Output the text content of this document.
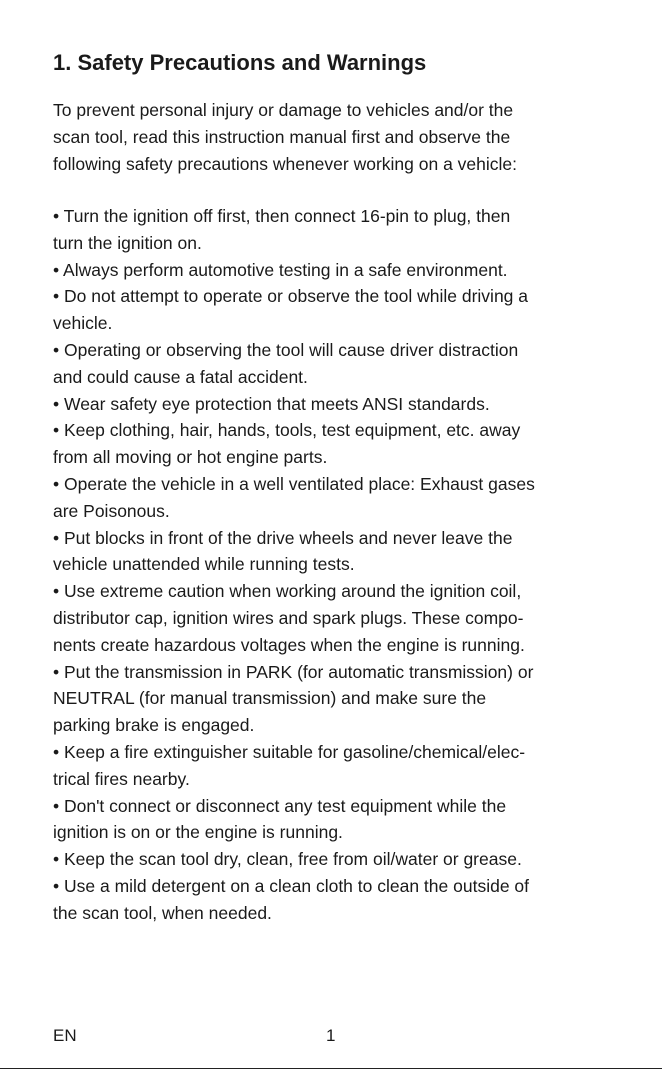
1. Safety Precautions and Warnings

To prevent personal injury or damage to vehicles and/or the
scan tool, read this instruction manual first and observe the
following safety precautions whenever working on a vehicle:

• Turn the ignition off first, then connect 16-pin to plug, then
turn the ignition on.
• Always perform automotive testing in a safe environment.
• Do not attempt to operate or observe the tool while driving a
vehicle.
• Operating or observing the tool will cause driver distraction
and could cause a fatal accident.
• Wear safety eye protection that meets ANSI standards.
• Keep clothing, hair, hands, tools, test equipment, etc. away
from all moving or hot engine parts.
• Operate the vehicle in a well ventilated place: Exhaust gases
are Poisonous.
• Put blocks in front of the drive wheels and never leave the
vehicle unattended while running tests.
• Use extreme caution when working around the ignition coil,
distributor cap, ignition wires and spark plugs. These compo-
nents create hazardous voltages when the engine is running.
• Put the transmission in PARK (for automatic transmission) or
NEUTRAL (for manual transmission) and make sure the
parking brake is engaged.
• Keep a fire extinguisher suitable for gasoline/chemical/elec-
trical fires nearby.
• Don't connect or disconnect any test equipment while the
ignition is on or the engine is running.
• Keep the scan tool dry, clean, free from oil/water or grease.
• Use a mild detergent on a clean cloth to clean the outside of
the scan tool, when needed.
EN	1
